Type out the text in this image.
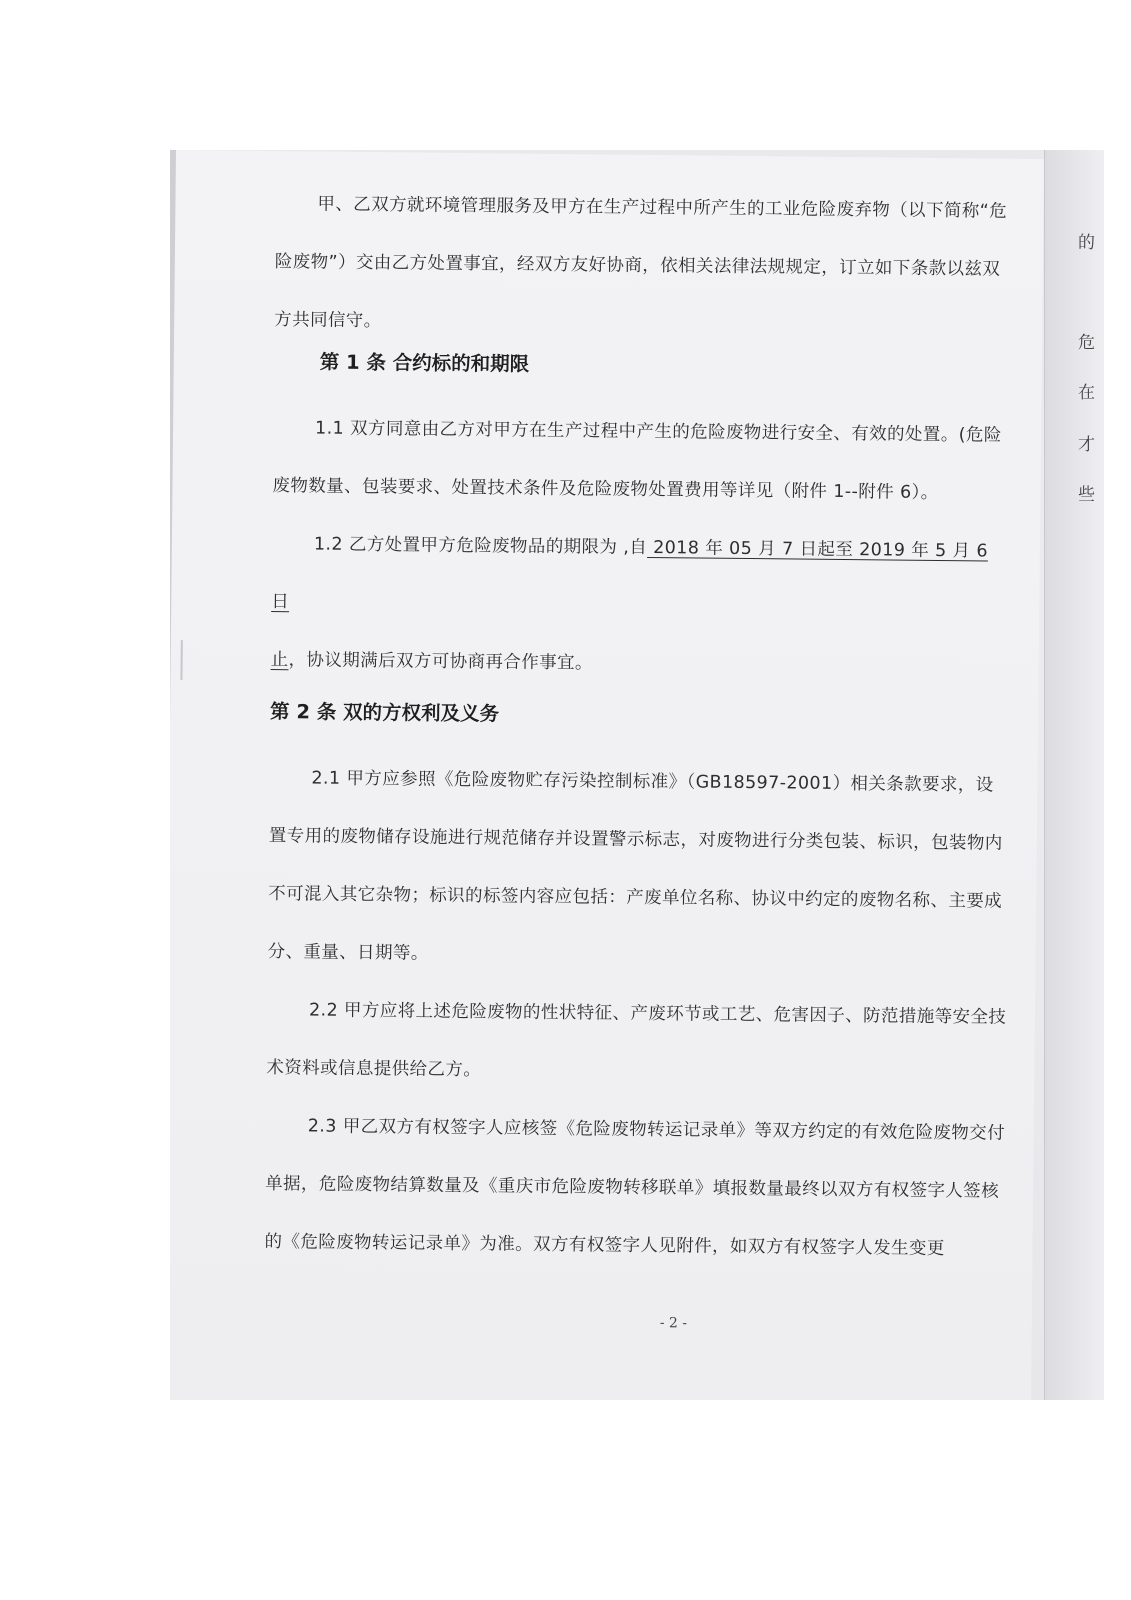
的
危
在
才
些

甲、乙双方就环境管理服务及甲方在生产过程中所产生的工业危险废弃物（以下简称“危险废物”）交由乙方处置事宜，经双方友好协商，依相关法律法规规定，订立如下条款以兹双方共同信守。

第 1 条 合约标的和期限

1.1 双方同意由乙方对甲方在生产过程中产生的危险废物进行安全、有效的处置。(危险废物数量、包装要求、处置技术条件及危险废物处置费用等详见（附件 1--附件 6）。

1.2 乙方处置甲方危险废物品的期限为 ,自 2018 年 05 月 7 日起至 2019 年 5 月 6 日
止，协议期满后双方可协商再合作事宜。

第 2 条 双的方权利及义务

2.1 甲方应参照《危险废物贮存污染控制标准》（GB18597-2001）相关条款要求，设置专用的废物储存设施进行规范储存并设置警示标志，对废物进行分类包装、标识，包装物内不可混入其它杂物；标识的标签内容应包括：产废单位名称、协议中约定的废物名称、主要成分、重量、日期等。

2.2 甲方应将上述危险废物的性状特征、产废环节或工艺、危害因子、防范措施等安全技术资料或信息提供给乙方。

2.3 甲乙双方有权签字人应核签《危险废物转运记录单》等双方约定的有效危险废物交付单据，危险废物结算数量及《重庆市危险废物转移联单》填报数量最终以双方有权签字人签核的《危险废物转运记录单》为准。双方有权签字人见附件，如双方有权签字人发生变更

- 2 -
